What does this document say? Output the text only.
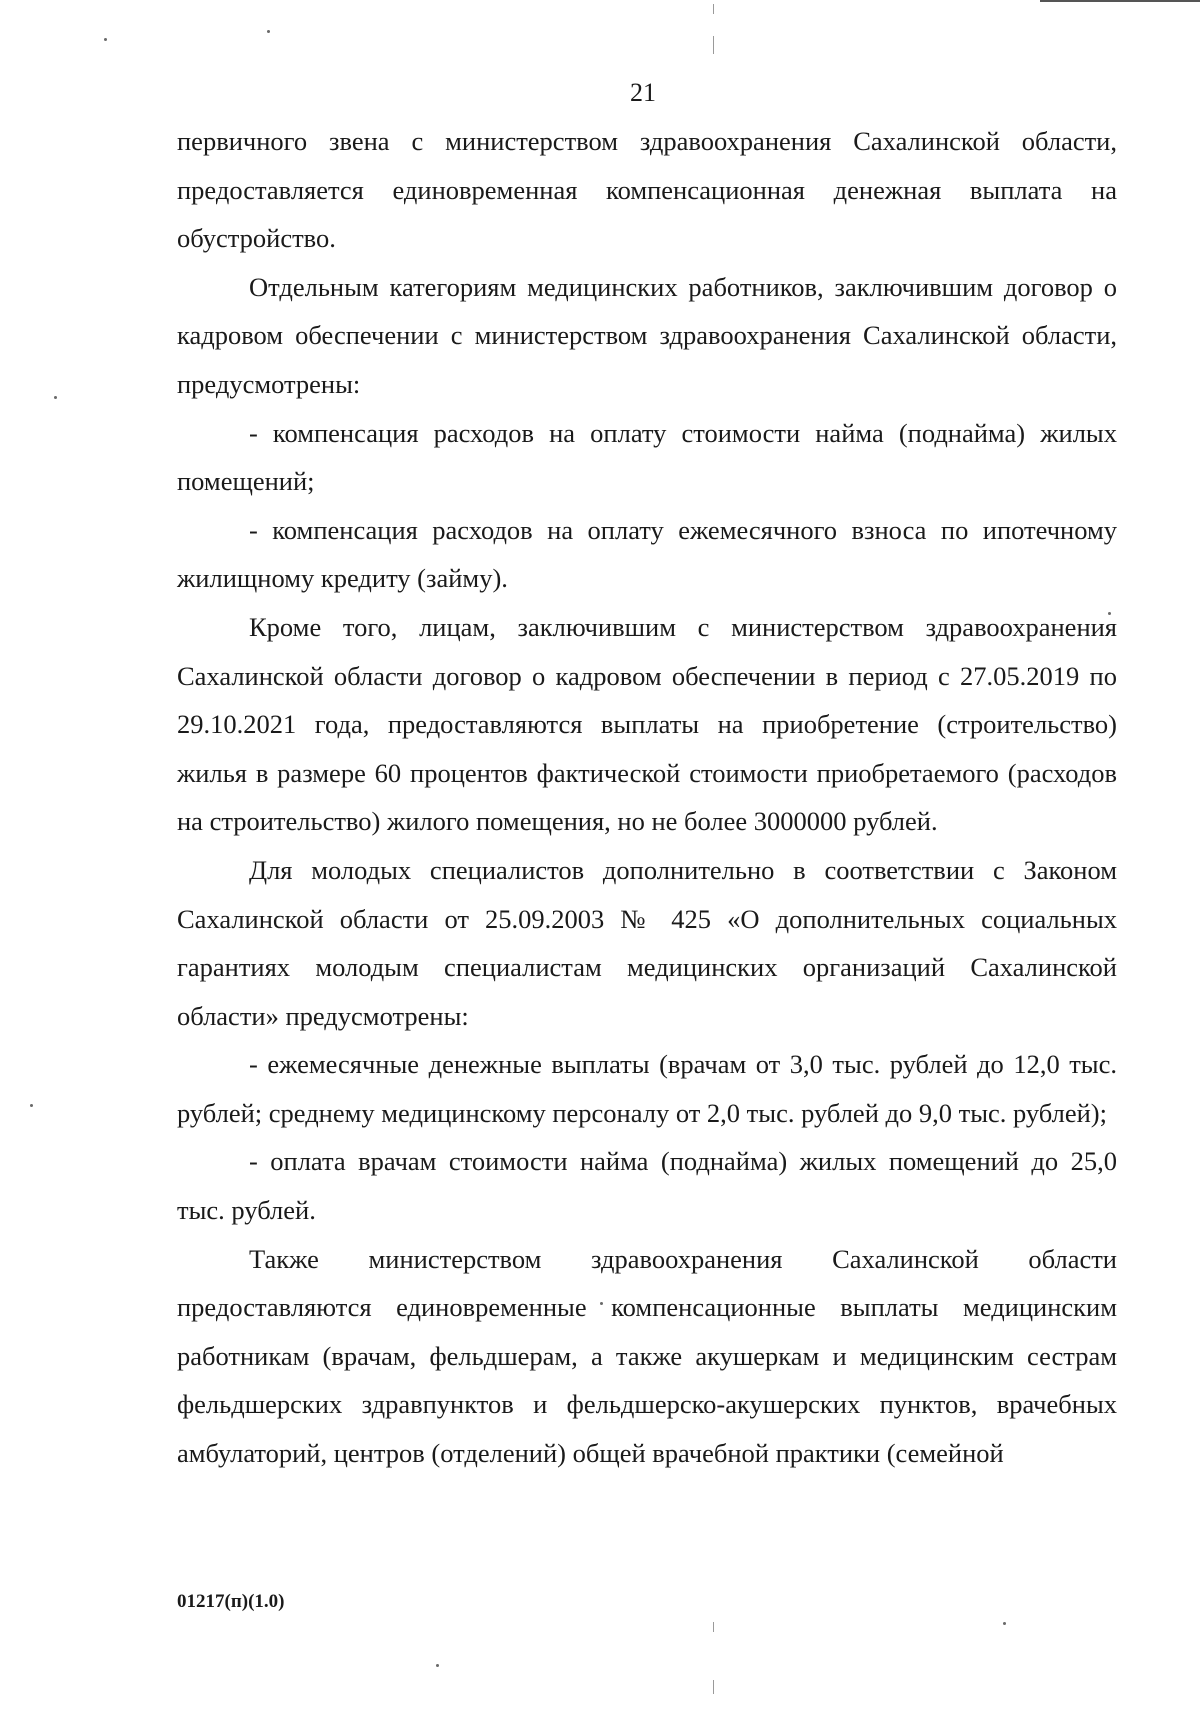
21

первичного звена с министерством здравоохранения Сахалинской области, предоставляется единовременная компенсационная денежная выплата на обустройство.

Отдельным категориям медицинских работников, заключившим договор о кадровом обеспечении с министерством здравоохранения Сахалинской области, предусмотрены:

- компенсация расходов на оплату стоимости найма (поднайма) жилых помещений;

- компенсация расходов на оплату ежемесячного взноса по ипотечному жилищному кредиту (займу).

Кроме того, лицам, заключившим с министерством здравоохранения Сахалинской области договор о кадровом обеспечении в период с 27.05.2019 по 29.10.2021 года, предоставляются выплаты на приобретение (строительство) жилья в размере 60 процентов фактической стоимости приобретаемого (расходов на строительство) жилого помещения, но не более 3000000 рублей.

Для молодых специалистов дополнительно в соответствии с Законом Сахалинской области от 25.09.2003 № 425 «О дополнительных социальных гарантиях молодым специалистам медицинских организаций Сахалинской области» предусмотрены:

- ежемесячные денежные выплаты (врачам от 3,0 тыс. рублей до 12,0 тыс. рублей; среднему медицинскому персоналу от 2,0 тыс. рублей до 9,0 тыс. рублей);

- оплата врачам стоимости найма (поднайма) жилых помещений до 25,0 тыс. рублей.

Также министерством здравоохранения Сахалинской области предоставляются единовременные компенсационные выплаты медицинским работникам (врачам, фельдшерам, а также акушеркам и медицинским сестрам фельдшерских здравпунктов и фельдшерско-акушерских пунктов, врачебных амбулаторий, центров (отделений) общей врачебной практики (семейной

01217(п)(1.0)
